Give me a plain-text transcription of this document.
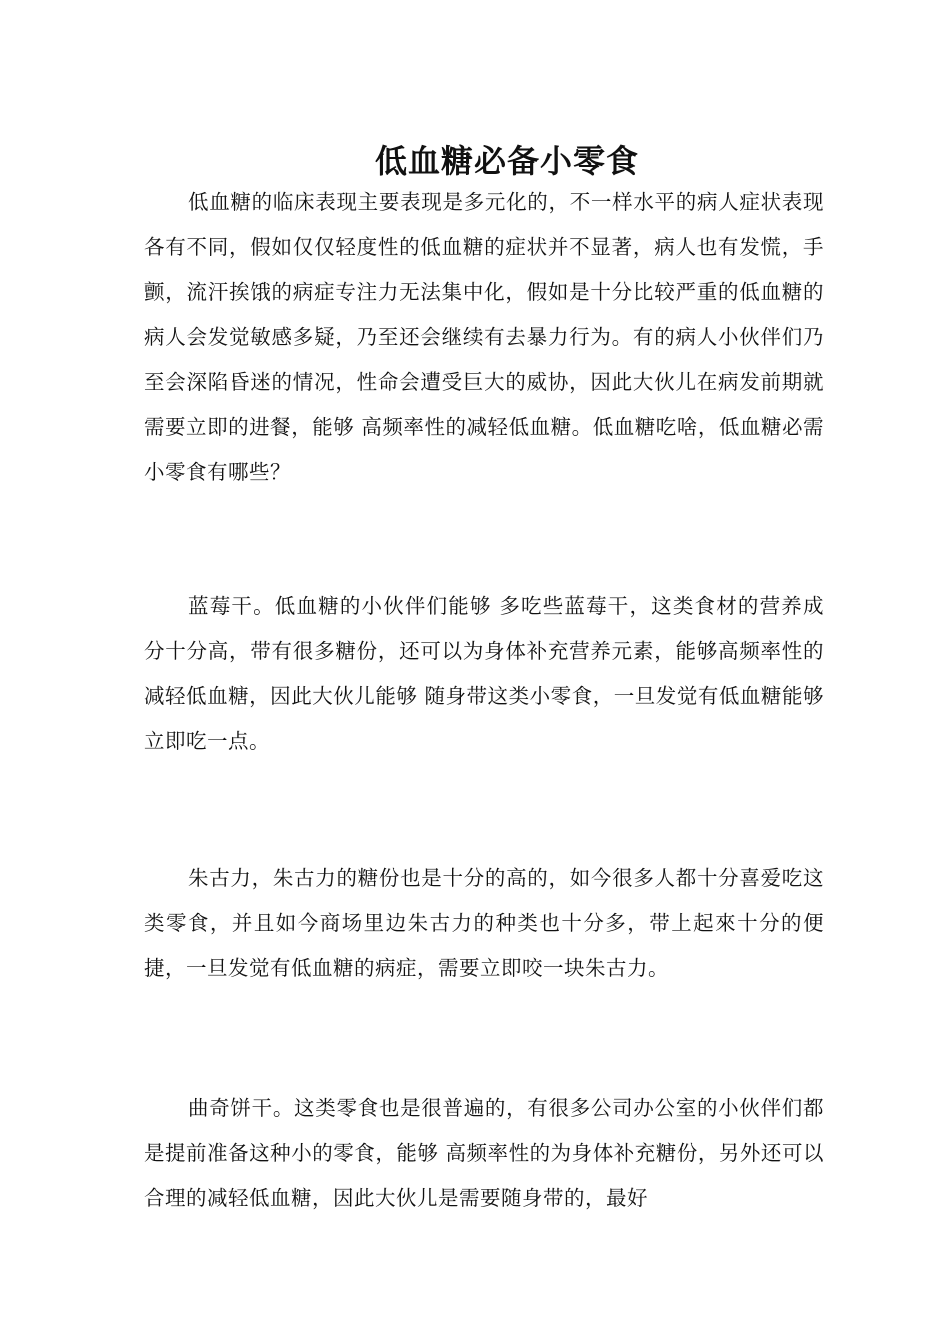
低血糖必备小零食

低血糖的临床表现主要表现是多元化的，不一样水平的病人症状表现各有不同，假如仅仅轻度性的低血糖的症状并不显著，病人也有发慌，手颤，流汗挨饿的病症专注力无法集中化，假如是十分比较严重的低血糖的病人会发觉敏感多疑，乃至还会继续有去暴力行为。有的病人小伙伴们乃至会深陷昏迷的情况，性命会遭受巨大的威协，因此大伙儿在病发前期就需要立即的进餐，能够 高频率性的减轻低血糖。低血糖吃啥，低血糖必需小零食有哪些？

蓝莓干。低血糖的小伙伴们能够 多吃些蓝莓干，这类食材的营养成分十分高，带有很多糖份，还可以为身体补充营养元素，能够高频率性的减轻低血糖，因此大伙儿能够 随身带这类小零食，一旦发觉有低血糖能够 立即吃一点。

朱古力，朱古力的糖份也是十分的高的，如今很多人都十分喜爱吃这类零食，并且如今商场里边朱古力的种类也十分多，带上起來十分的便捷，一旦发觉有低血糖的病症，需要立即咬一块朱古力。

曲奇饼干。这类零食也是很普遍的，有很多公司办公室的小伙伴们都是提前准备这种小的零食，能够 高频率性的为身体补充糖份，另外还可以合理的减轻低血糖，因此大伙儿是需要随身带的，最好
